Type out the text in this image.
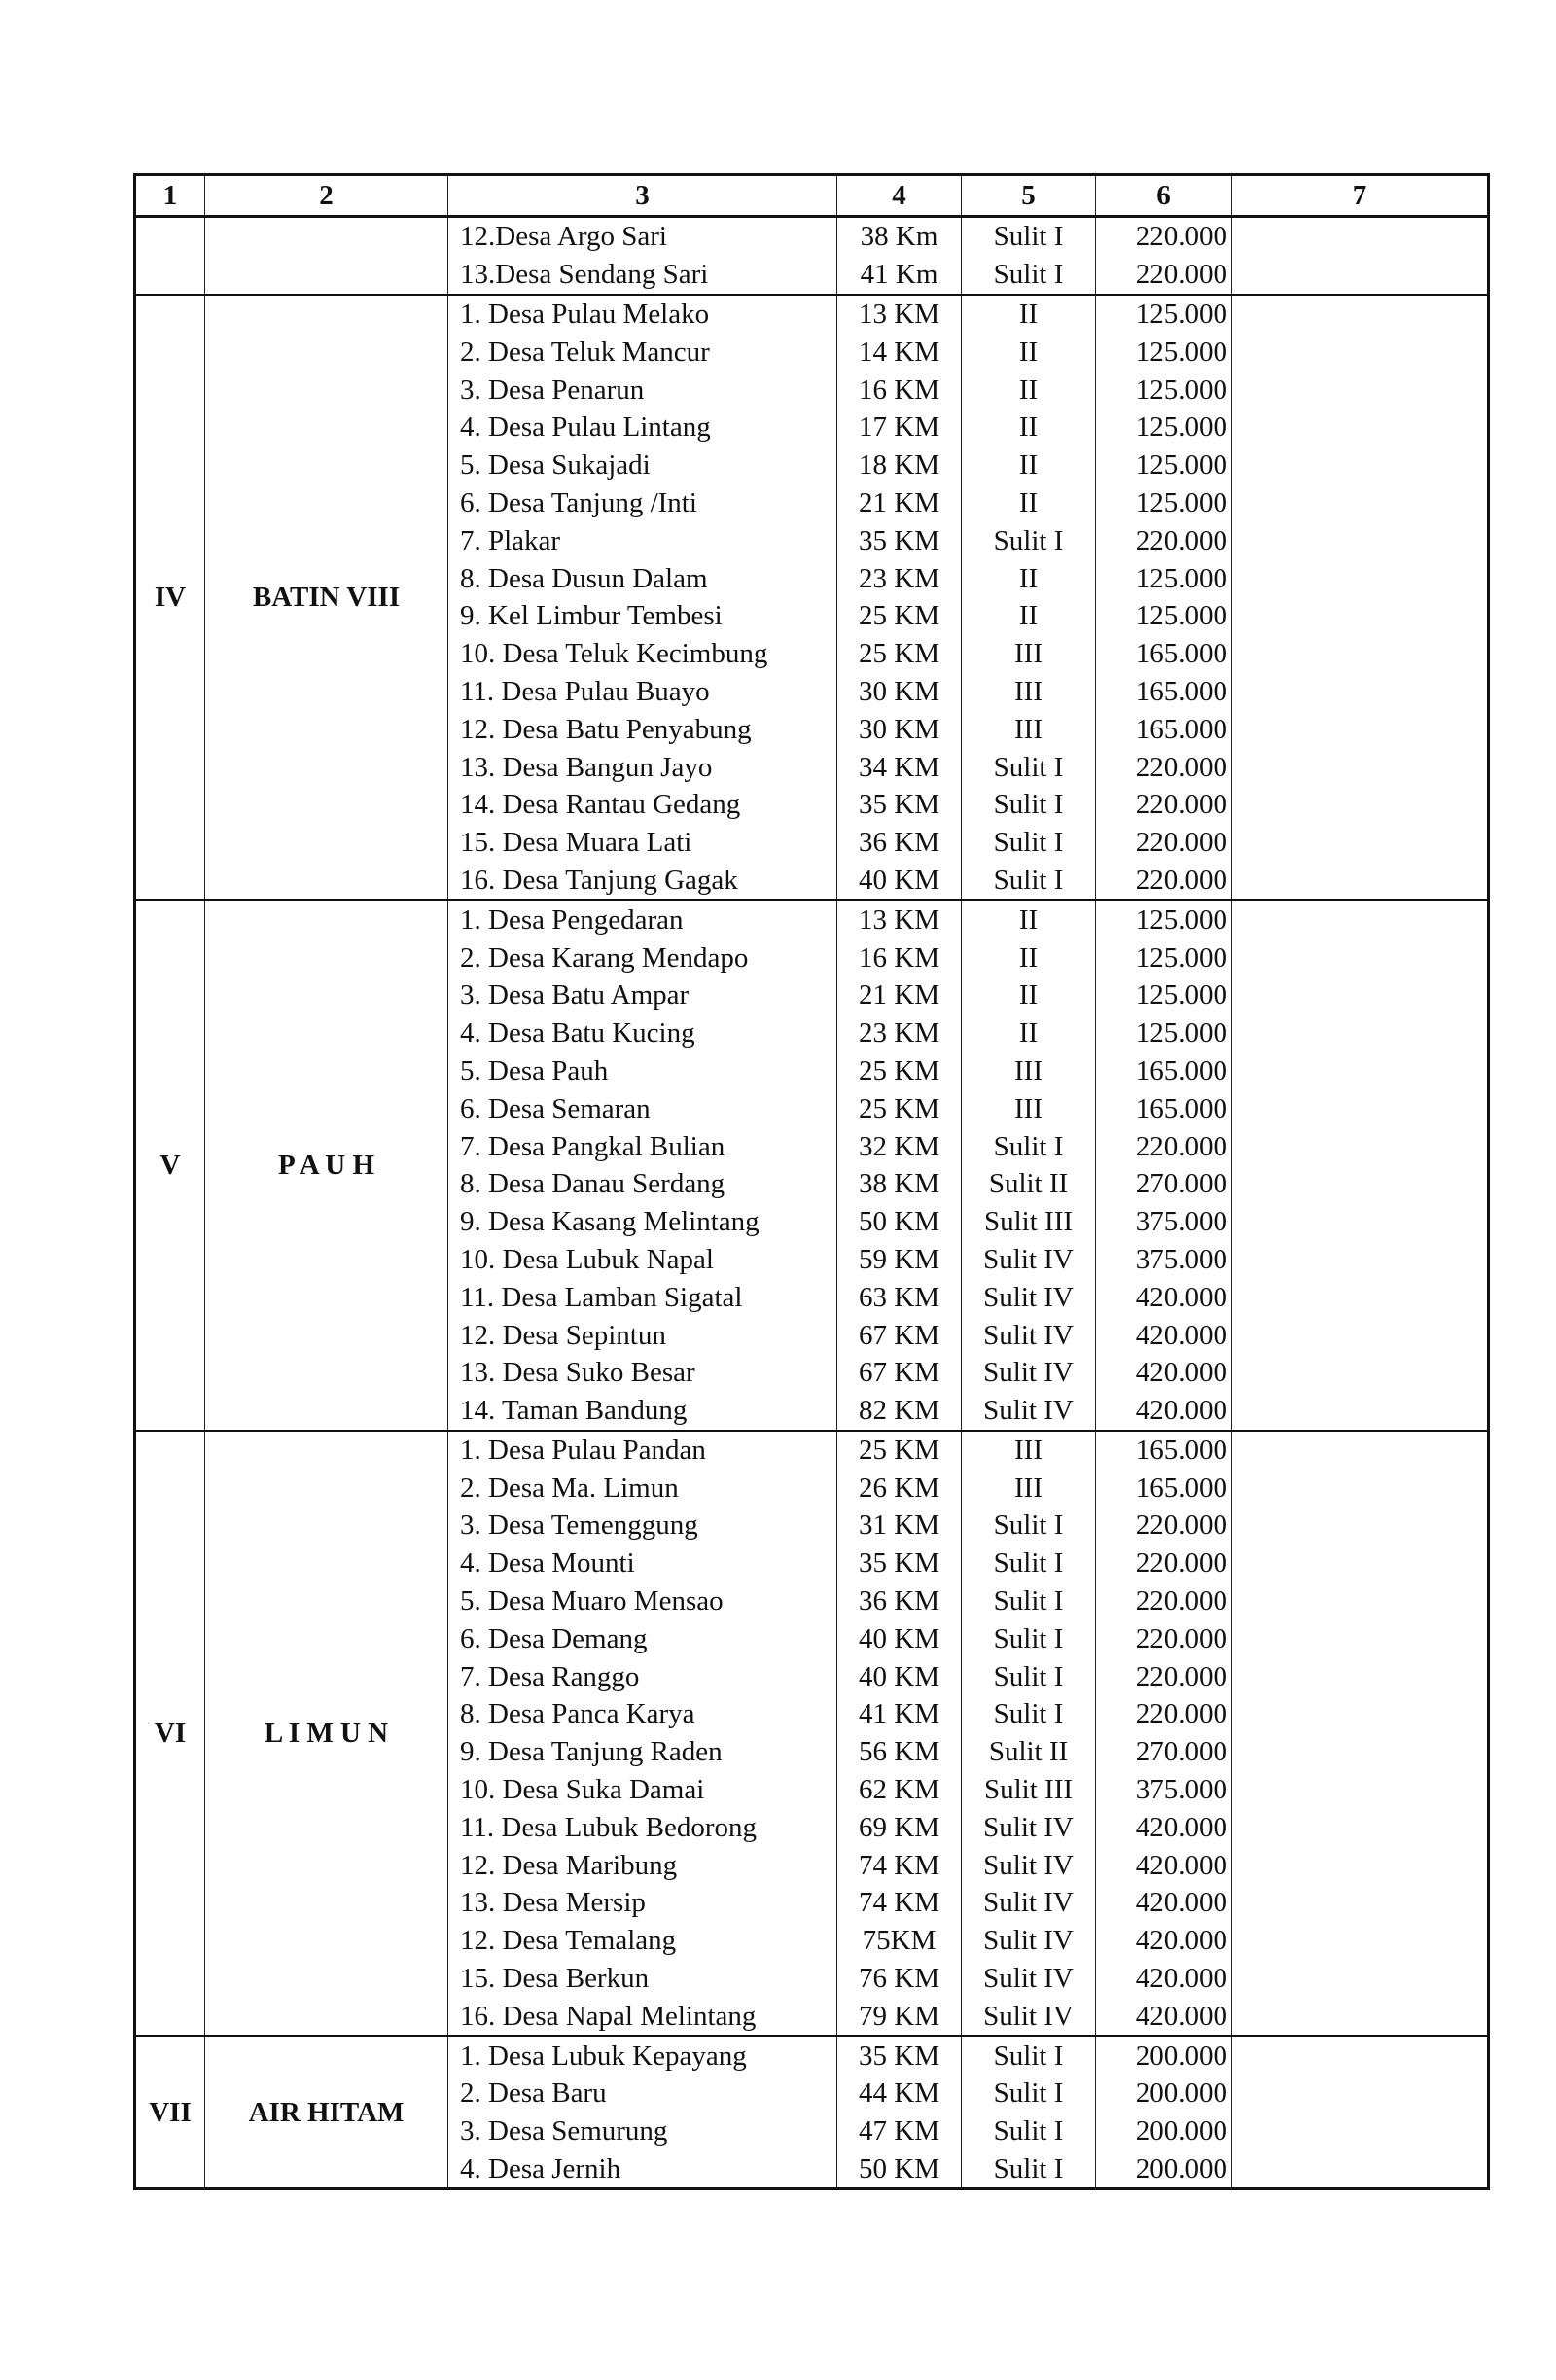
1	2	3	4	5	6	7
		12.Desa Argo Sari	38 Km	Sulit I	220.000	
		13.Desa Sendang Sari	41 Km	Sulit I	220.000	
IV	BATIN VIII	1. Desa Pulau Melako	13 KM	II	125.000	
		2. Desa Teluk Mancur	14 KM	II	125.000	
		3. Desa Penarun	16 KM	II	125.000	
		4. Desa Pulau Lintang	17 KM	II	125.000	
		5. Desa Sukajadi	18 KM	II	125.000	
		6. Desa Tanjung /Inti	21 KM	II	125.000	
		7. Plakar	35 KM	Sulit I	220.000	
		8. Desa Dusun Dalam	23 KM	II	125.000	
		9. Kel Limbur Tembesi	25 KM	II	125.000	
		10. Desa Teluk Kecimbung	25 KM	III	165.000	
		11. Desa Pulau Buayo	30 KM	III	165.000	
		12. Desa Batu Penyabung	30 KM	III	165.000	
		13. Desa Bangun Jayo	34 KM	Sulit I	220.000	
		14. Desa Rantau Gedang	35 KM	Sulit I	220.000	
		15. Desa Muara Lati	36 KM	Sulit I	220.000	
		16. Desa Tanjung Gagak	40 KM	Sulit I	220.000	
V	P A U H	1. Desa Pengedaran	13 KM	II	125.000	
		2. Desa Karang Mendapo	16 KM	II	125.000	
		3. Desa Batu Ampar	21 KM	II	125.000	
		4. Desa Batu Kucing	23 KM	II	125.000	
		5. Desa Pauh	25 KM	III	165.000	
		6. Desa Semaran	25 KM	III	165.000	
		7. Desa Pangkal Bulian	32 KM	Sulit I	220.000	
		8. Desa Danau Serdang	38 KM	Sulit II	270.000	
		9. Desa Kasang Melintang	50 KM	Sulit III	375.000	
		10. Desa Lubuk Napal	59 KM	Sulit IV	375.000	
		11. Desa Lamban Sigatal	63 KM	Sulit IV	420.000	
		12. Desa Sepintun	67 KM	Sulit IV	420.000	
		13. Desa Suko Besar	67 KM	Sulit IV	420.000	
		14. Taman Bandung	82 KM	Sulit IV	420.000	
VI	L I M U N	1. Desa Pulau Pandan	25 KM	III	165.000	
		2. Desa Ma. Limun	26 KM	III	165.000	
		3. Desa Temenggung	31 KM	Sulit I	220.000	
		4. Desa Mounti	35 KM	Sulit I	220.000	
		5. Desa Muaro Mensao	36 KM	Sulit I	220.000	
		6. Desa Demang	40 KM	Sulit I	220.000	
		7. Desa Ranggo	40 KM	Sulit I	220.000	
		8. Desa Panca Karya	41 KM	Sulit I	220.000	
		9. Desa Tanjung Raden	56 KM	Sulit II	270.000	
		10. Desa Suka Damai	62 KM	Sulit III	375.000	
		11. Desa Lubuk Bedorong	69 KM	Sulit IV	420.000	
		12. Desa Maribung	74 KM	Sulit IV	420.000	
		13. Desa Mersip	74 KM	Sulit IV	420.000	
		12. Desa Temalang	75KM	Sulit IV	420.000	
		15. Desa Berkun	76 KM	Sulit IV	420.000	
		16. Desa Napal Melintang	79 KM	Sulit IV	420.000	
VII	AIR HITAM	1. Desa Lubuk Kepayang	35 KM	Sulit I	200.000	
		2. Desa Baru	44 KM	Sulit I	200.000	
		3. Desa Semurung	47 KM	Sulit I	200.000	
		4. Desa Jernih	50 KM	Sulit I	200.000	
